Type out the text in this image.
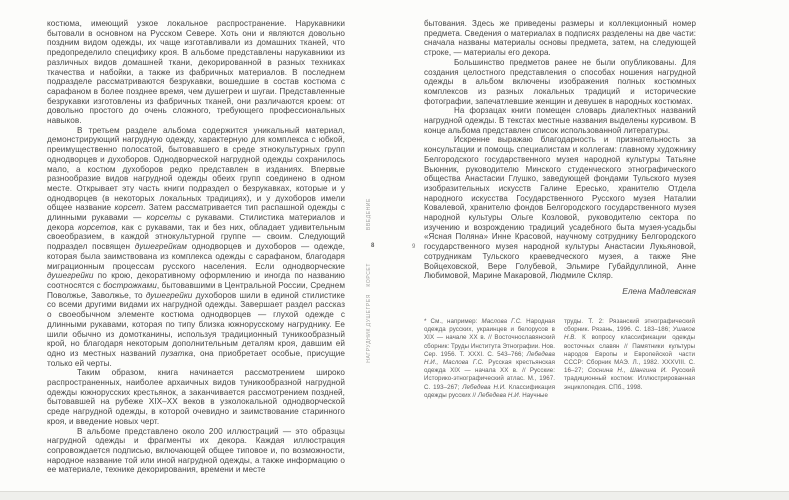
костюма, имеющий узкое локальное распространение. Нарукавники бытовали в основном на Русском Севере. Хоть они и являются довольно поздним видом одежды, их чаще изготавливали из домашних тканей, что предопределило специфику кроя. В альбоме представлены нарукавники из различных видов домашней ткани, декорированной в разных техниках ткачества и набойки, а также из фабричных материалов. В последнем подразделе рассматриваются безрукавки, вошедшие в состав костюма с сарафаном в более позднее время, чем душегреи и шугаи. Представленные безрукавки изготовлены из фабричных тканей, они различаются кроем: от довольно простого до очень сложного, требующего профессиональных навыков.

В третьем разделе альбома содержится уникальный материал, демонстрирующий нагрудную одежду, характерную для комплекса с юбкой, преимущественно полосатой, бытовавшего в среде этнокультурных групп однодворцев и духоборов. Однодворческой нагрудной одежды сохранилось мало, а костюм духоборов редко представлен в изданиях. Впервые разнообразие видов нагрудной одежды обеих групп соединено в одном месте. Открывает эту часть книги подраздел о безрукавках, которые и у однодворцев (в некоторых локальных традициях), и у духоборов имели общее название корсет. Затем рассматривается тип распашной одежды с длинными рукавами — корсеты с рукавами. Стилистика материалов и декора корсетов, как с рукавами, так и без них, обладает удивительным своеобразием, в каждой этнокультурной группе — своим. Следующий подраздел посвящен душегрейкам однодворцев и духоборов — одежде, которая была заимствована из комплекса одежды с сарафаном, благодаря миграционным процессам русского населения. Если однодворческие душегрейки по крою, декоративному оформлению и иногда по названию соотносятся с бострожками, бытовавшими в Центральной России, Среднем Поволжье, Заволжье, то душегрейки духоборов шили в единой стилистике со всеми другими видами их нагрудной одежды. Завершает раздел рассказ о своеобычном элементе костюма однодворцев — глухой одежде с длинными рукавами, которая по типу близка южнорусскому нагруднику. Ее шили обычно из домотканины, используя традиционный туникообразный крой, но благодаря некоторым дополнительным деталям кроя, давшим ей одно из местных названий пузатка, она приобретает особые, присущие только ей черты.

Таким образом, книга начинается рассмотрением широко распространенных, наиболее архаичных видов туникообразной нагрудной одежды южнорусских крестьянок, а заканчивается рассмотрением поздней, бытовавшей на рубеже XIX–XX веков в узколокальной однодворческой среде нагрудной одежды, в которой очевидно и заимствование старинного кроя, и введение новых черт.

В альбоме представлено около 200 иллюстраций — это образцы нагрудной одежды и фрагменты их декора. Каждая иллюстрация сопровождается подписью, включающей общее типовое и, по возможности, народное название той или иной нагрудной одежды, а также информацию о ее материале, технике декорирования, времени и месте

ВВЕДЕНИЕ
8
КОРСЕТ
ДУШЕГРЕЯ
НАГРУДНИК

бытования. Здесь же приведены размеры и коллекционный номер предмета. Сведения о материалах в подписях разделены на две части: сначала названы материалы основы предмета, затем, на следующей строке, — материалы его декора.

Большинство предметов ранее не были опубликованы. Для создания целостного представления о способах ношения нагрудной одежды в альбом включены изображения полных костюмных комплексов из разных локальных традиций и исторические фотографии, запечатлевшие женщин и девушек в народных костюмах.

На форзацах книги помещен словарь диалектных названий нагрудной одежды. В текстах местные названия выделены курсивом. В конце альбома представлен список использованной литературы.

Искренне выражаю благодарность и признательность за консультации и помощь специалистам и коллегам: главному художнику Белгородского государственного музея народной культуры Татьяне Вьюнник, руководителю Минского студенческого этнографического общества Анастасии Глушко, заведующей фондами Тульского музея изобразительных искусств Галине Ересько, хранителю Отдела народного искусства Государственного Русского музея Наталии Ковалевой, хранителю фондов Белгородского государственного музея народной культуры Ольге Козловой, руководителю сектора по изучению и возрождению традиций усадебного быта музея-усадьбы «Ясная Поляна» Инне Красовой, научному сотруднику Белгородского государственного музея народной культуры Анастасии Лукьяновой, сотрудникам Тульского краеведческого музея, а также Яне Войцеховской, Вере Голубевой, Эльмире Губайдуллиной, Анне Любимовой, Марине Макаровой, Людмиле Скляр.

Елена Мадлевская

9
* См., например: Маслова Г.С. Народная одежда русских, украинцев и белорусов в XIX — начале XX в. // Восточнославянский сборник: Труды Института Этнографии. Нов. Сер. 1956. Т. XXXI. С. 543–766; Лебедева Н.И., Маслова Г.С. Русская крестьянская одежда XIX — начала XX в. // Русские: Историко-этнографический атлас. М., 1967. С. 193–267; Лебедева Н.И. Классификация одежды русских // Лебедева Н.И. Научные
труды. Т. 2: Рязанский этнографический сборник. Рязань, 1996. С. 183–186; Ушаков Н.В. К вопросу классификации одежды восточных славян // Памятники культуры народов Европы и Европейской части СССР: Сборник МАЭ. Л., 1982. XXXVIII. С. 16–27; Соснина Н., Шангина И. Русский традиционный костюм: Иллюстрированная энциклопедия. СПб., 1998.
